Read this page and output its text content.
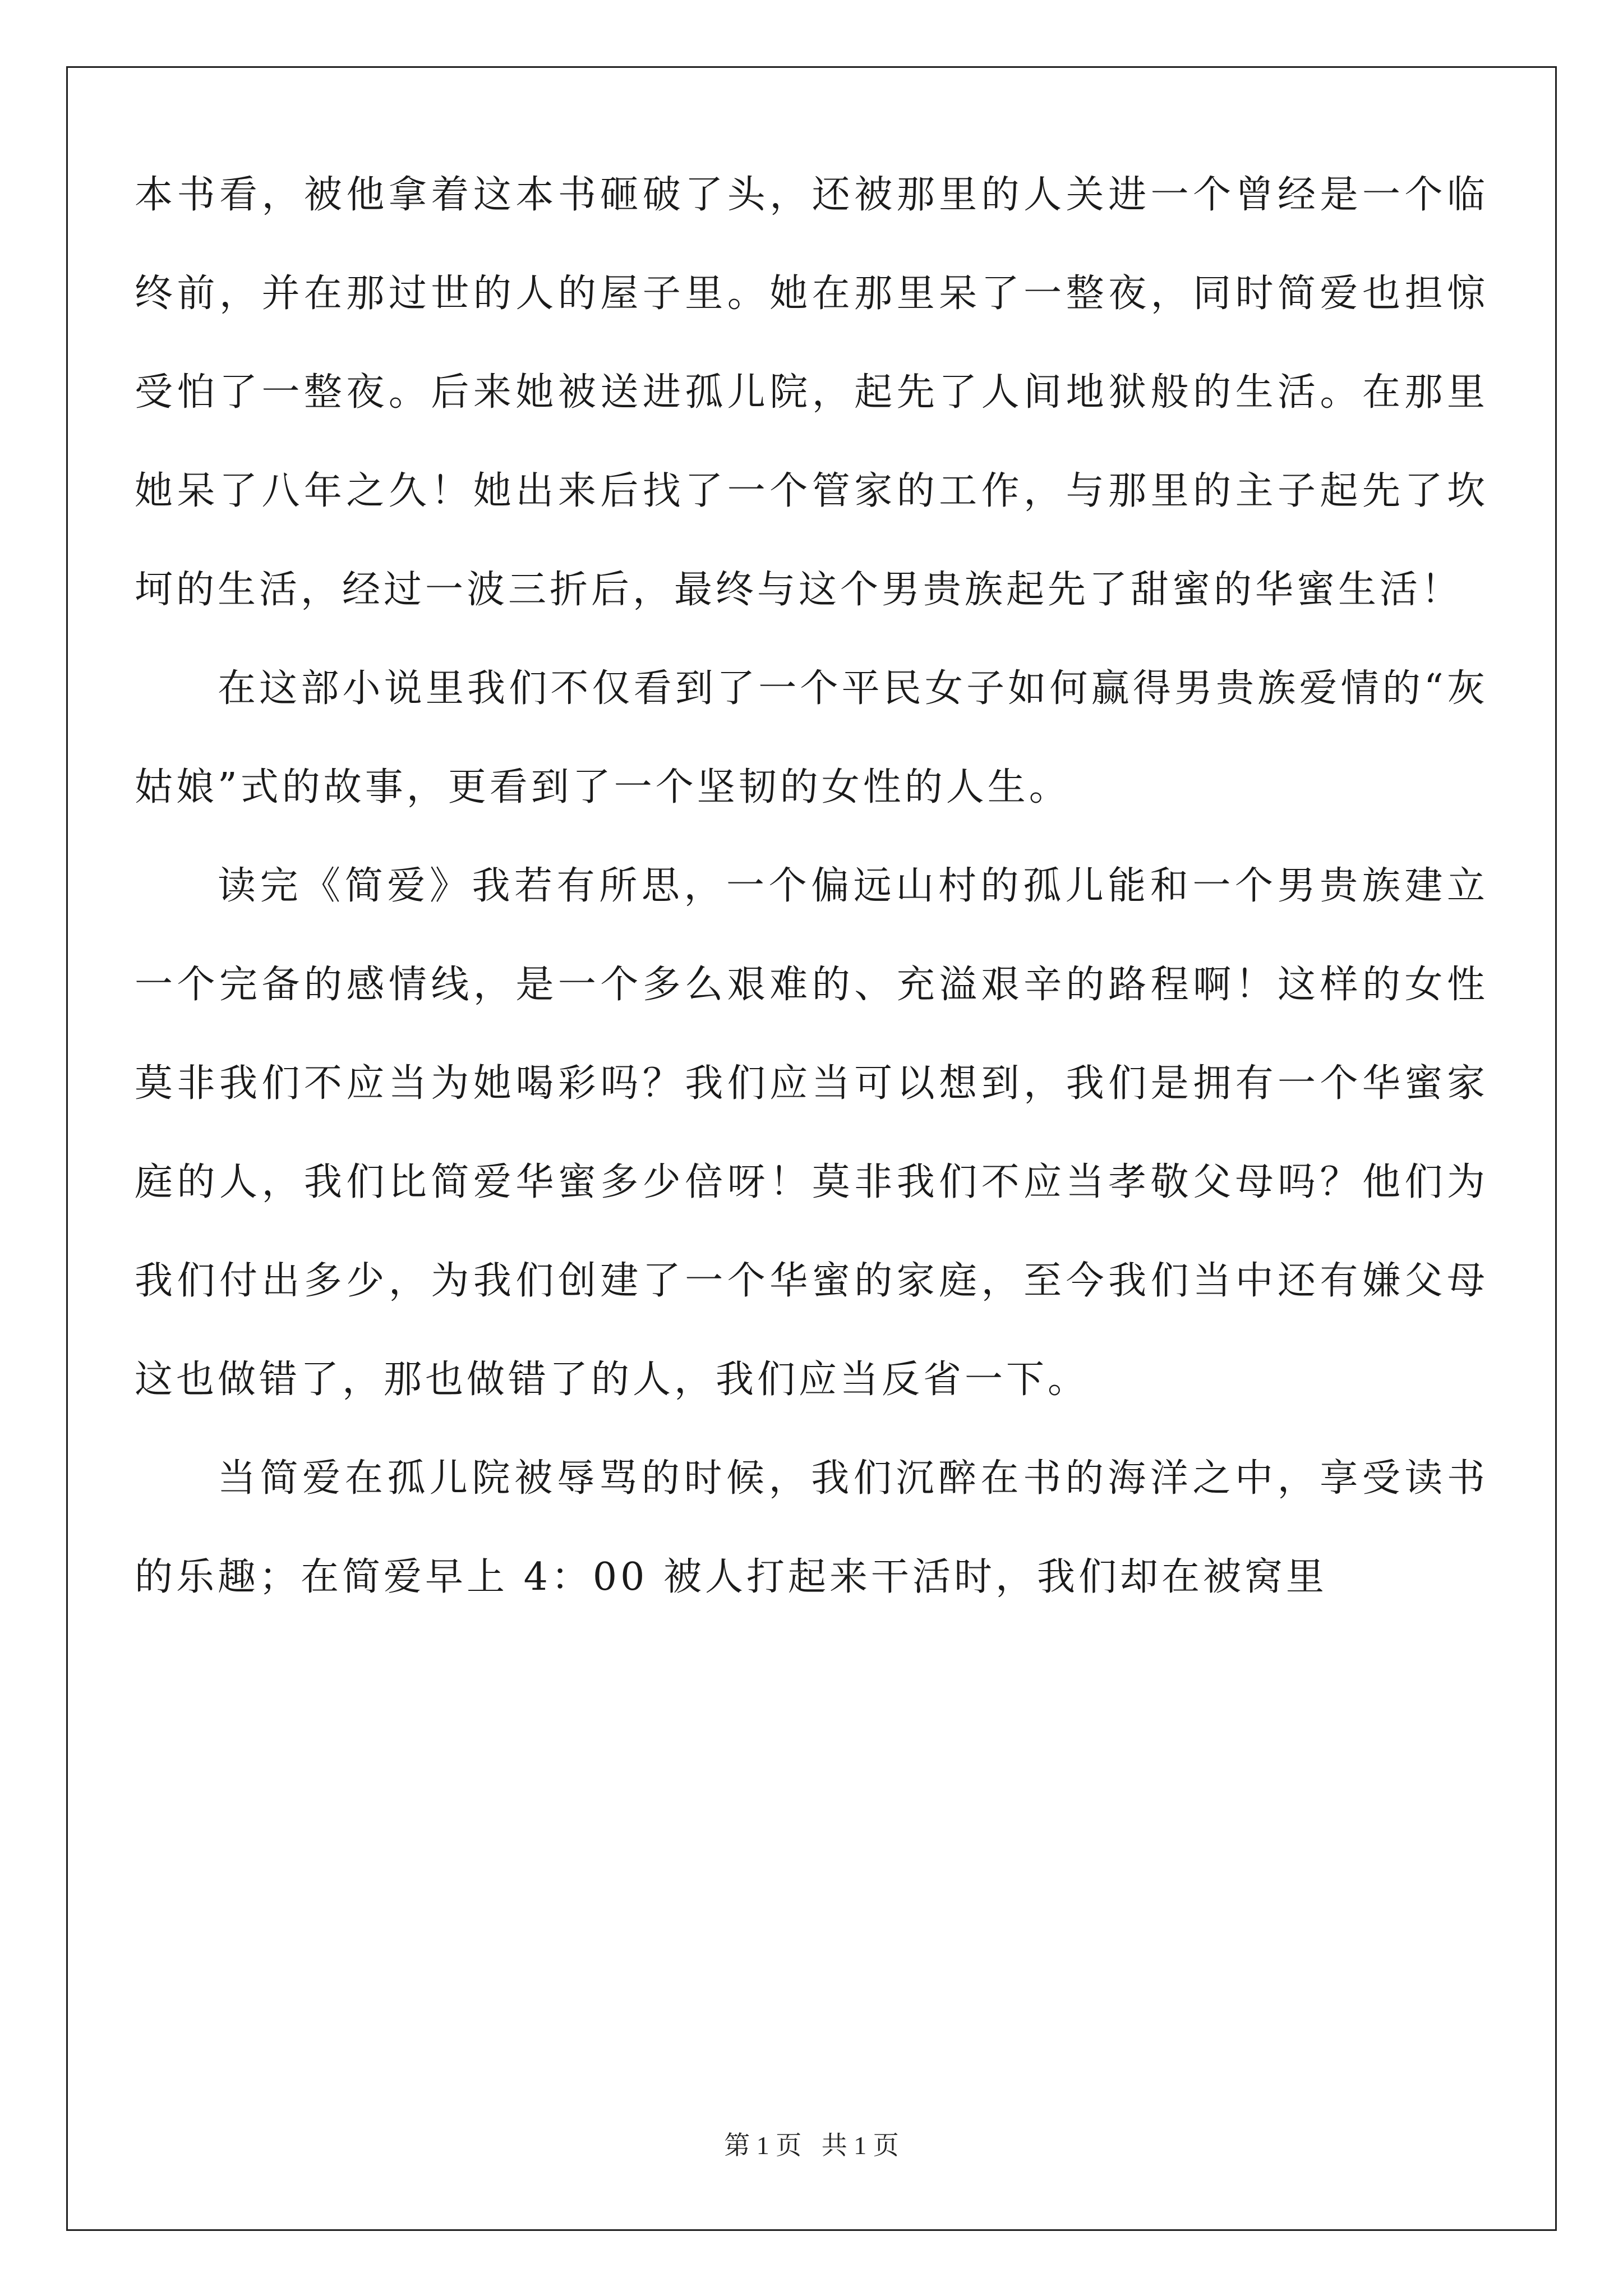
本书看，被他拿着这本书砸破了头，还被那里的人关进一个曾经是一个临终前，并在那过世的人的屋子里。她在那里呆了一整夜，同时简爱也担惊受怕了一整夜。后来她被送进孤儿院，起先了人间地狱般的生活。在那里她呆了八年之久！她出来后找了一个管家的工作，与那里的主子起先了坎坷的生活，经过一波三折后，最终与这个男贵族起先了甜蜜的华蜜生活！

在这部小说里我们不仅看到了一个平民女子如何赢得男贵族爱情的“灰姑娘”式的故事，更看到了一个坚韧的女性的人生。

读完《简爱》我若有所思，一个偏远山村的孤儿能和一个男贵族建立一个完备的感情线，是一个多么艰难的、充溢艰辛的路程啊！这样的女性莫非我们不应当为她喝彩吗？我们应当可以想到，我们是拥有一个华蜜家庭的人，我们比简爱华蜜多少倍呀！莫非我们不应当孝敬父母吗？他们为我们付出多少，为我们创建了一个华蜜的家庭，至今我们当中还有嫌父母这也做错了，那也做错了的人，我们应当反省一下。

当简爱在孤儿院被辱骂的时候，我们沉醉在书的海洋之中，享受读书的乐趣；在简爱早上 4：00 被人打起来干活时，我们却在被窝里

第 1 页 共 1 页
